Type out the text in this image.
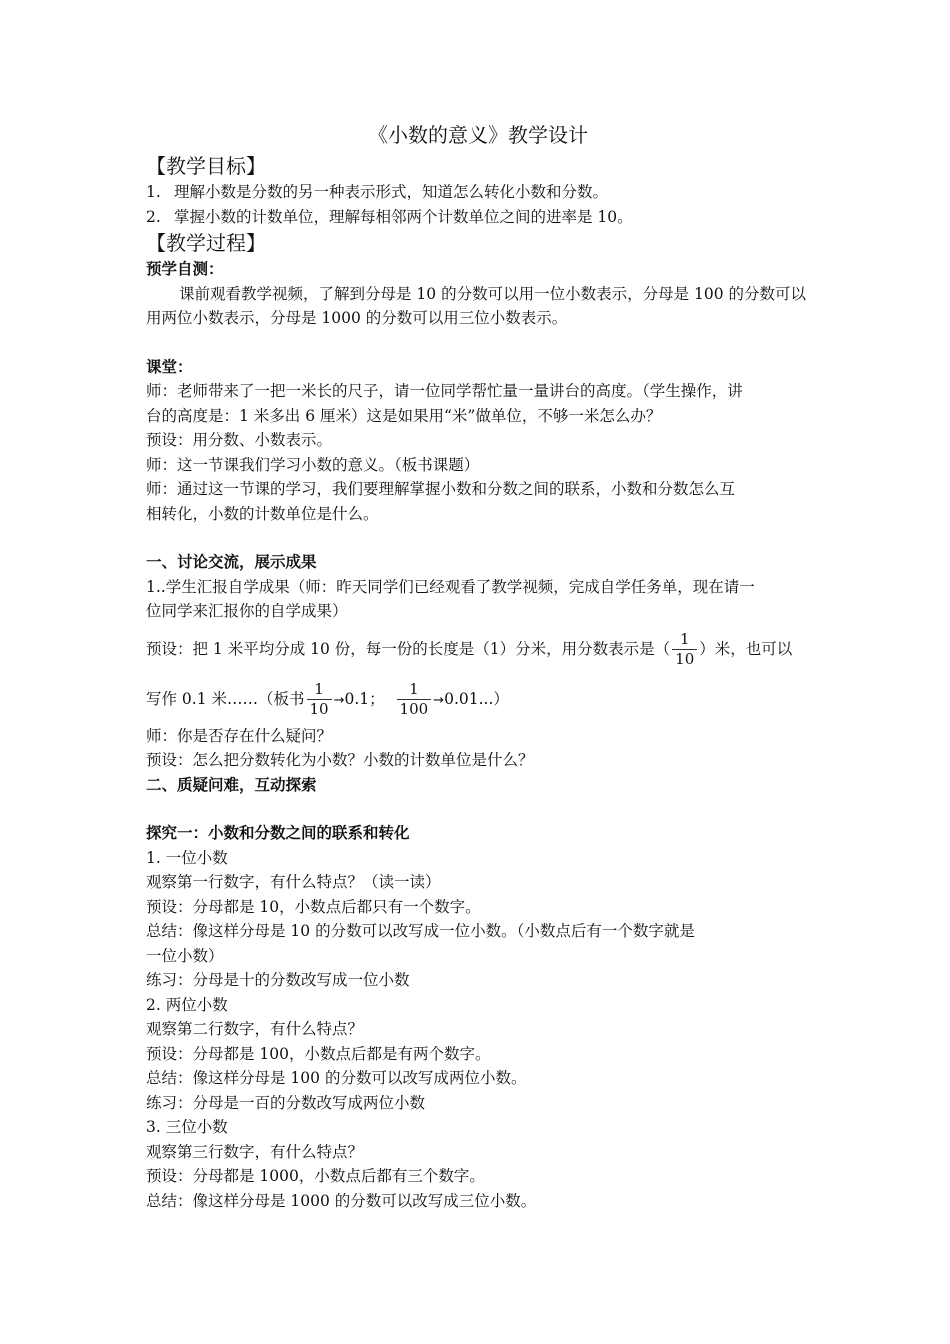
《小数的意义》教学设计
【教学目标】
1. 理解小数是分数的另一种表示形式，知道怎么转化小数和分数。
2. 掌握小数的计数单位，理解每相邻两个计数单位之间的进率是 10。
【教学过程】
预学自测：
课前观看教学视频，了解到分母是 10 的分数可以用一位小数表示，分母是 100 的分数可以用两位小数表示，分母是 1000 的分数可以用三位小数表示。
课堂：
师：老师带来了一把一米长的尺子，请一位同学帮忙量一量讲台的高度。（学生操作，讲
台的高度是：1 米多出 6 厘米）这是如果用“米”做单位，不够一米怎么办？
预设：用分数、小数表示。
师：这一节课我们学习小数的意义。（板书课题）
师：通过这一节课的学习，我们要理解掌握小数和分数之间的联系，小数和分数怎么互
相转化，小数的计数单位是什么。
一、讨论交流，展示成果
1..学生汇报自学成果（师：昨天同学们已经观看了教学视频，完成自学任务单，现在请一
位同学来汇报你的自学成果）
预设：把 1 米平均分成 10 份，每一份的长度是（1）分米，用分数表示是（ $\frac{1}{10}$ ）米，也可以
写作 0.1 米……（板书 $\frac{1}{10} \to 0.1$； $\frac{1}{100} \to 0.01$...）
师：你是否存在什么疑问？
预设：怎么把分数转化为小数？小数的计数单位是什么？
二、质疑问难，互动探索
探究一：小数和分数之间的联系和转化
1. 一位小数
观察第一行数字，有什么特点？（读一读）
预设：分母都是 10，小数点后都只有一个数字。
总结：像这样分母是 10 的分数可以改写成一位小数。（小数点后有一个数字就是
一位小数）
练习：分母是十的分数改写成一位小数
2. 两位小数
观察第二行数字，有什么特点？
预设：分母都是 100，小数点后都是有两个数字。
总结：像这样分母是 100 的分数可以改写成两位小数。
练习：分母是一百的分数改写成两位小数
3. 三位小数
观察第三行数字，有什么特点？
预设：分母都是 1000，小数点后都有三个数字。
总结：像这样分母是 1000 的分数可以改写成三位小数。
